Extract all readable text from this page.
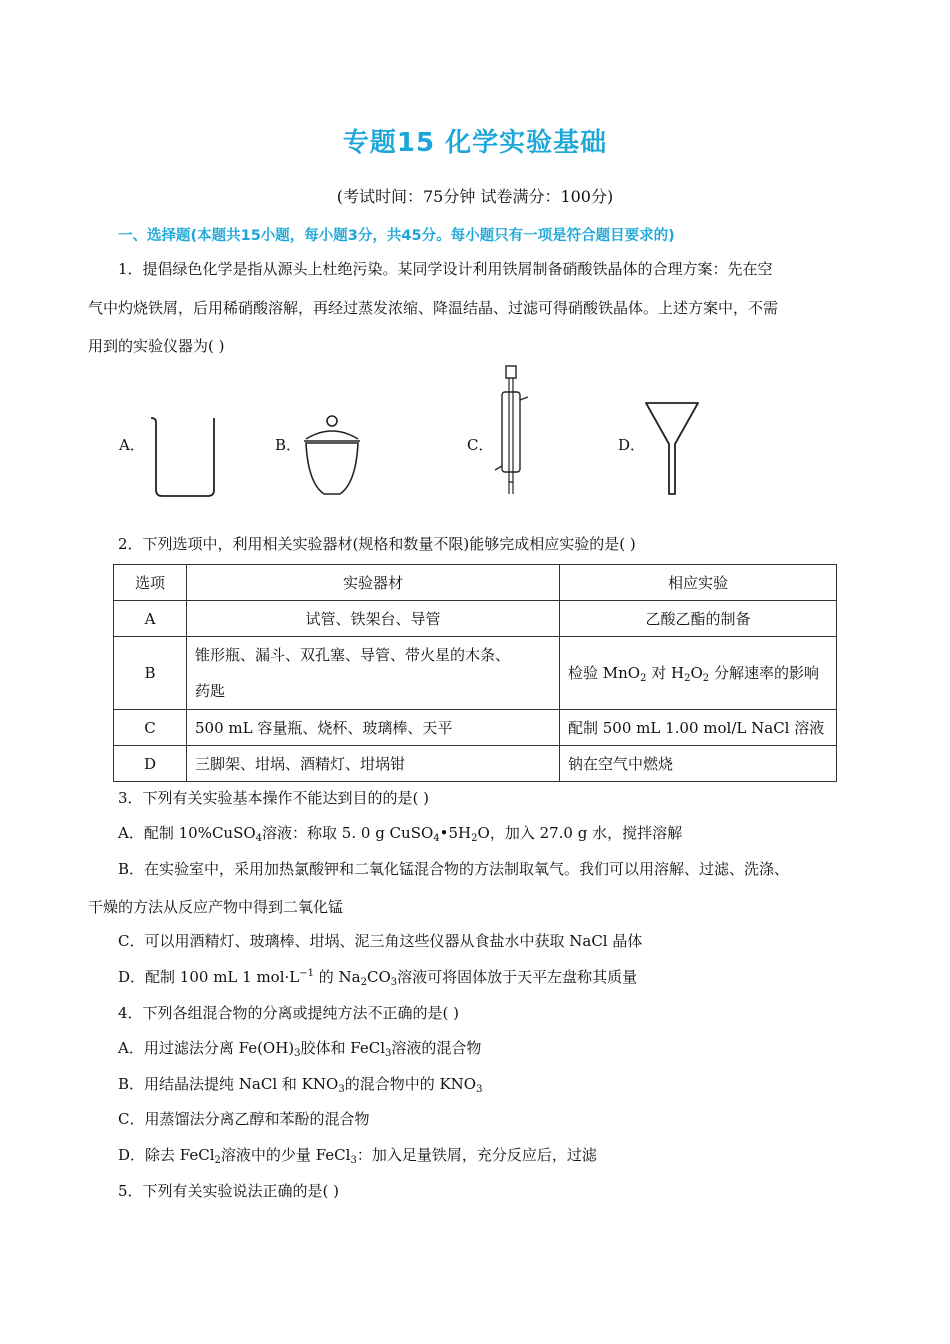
专题15 化学实验基础
(考试时间：75分钟 试卷满分：100分)
一、选择题(本题共15小题，每小题3分，共45分。每小题只有一项是符合题目要求的)
1．提倡绿色化学是指从源头上杜绝污染。某同学设计利用铁屑制备硝酸铁晶体的合理方案：先在空
气中灼烧铁屑，后用稀硝酸溶解，再经过蒸发浓缩、降温结晶、过滤可得硝酸铁晶体。上述方案中，不需
用到的实验仪器为( )
A．	B．	C．	D．
2．下列选项中，利用相关实验器材(规格和数量不限)能够完成相应实验的是( )
选项	实验器材	相应实验
A	试管、铁架台、导管	乙酸乙酯的制备
B	锥形瓶、漏斗、双孔塞、导管、带火星的木条、
药匙	检验 MnO$_2$ 对 $H_2O_2$ 分解速率的影响
C	500 mL 容量瓶、烧杯、玻璃棒、天平	配制 500 mL 1.00 mol/L NaCl 溶液
D	三脚架、坩埚、酒精灯、坩埚钳	钠在空气中燃烧
3．下列有关实验基本操作不能达到目的的是( )
A．配制 10%CuSO$_4$溶液：称取 5. 0 g $CuSO_4•5H_2O$，加入 27.0 g 水，搅拌溶解
B．在实验室中，采用加热氯酸钾和二氧化锰混合物的方法制取氧气。我们可以用溶解、过滤、洗涤、
干燥的方法从反应产物中得到二氧化锰
C．可以用酒精灯、玻璃棒、坩埚、泥三角这些仪器从食盐水中获取 NaCl 晶体
D．配制 100 mL 1 $mol\cdot L^{-1}$ 的 $Na_2CO_3$溶液可将固体放于天平左盘称其质量
4．下列各组混合物的分离或提纯方法不正确的是( )
A．用过滤法分离 $Fe(OH)_3$胶体和 FeCl$_3$溶液的混合物
B．用结晶法提纯 NaCl 和 $KNO_3$的混合物中的 $KNO_3$
C．用蒸馏法分离乙醇和苯酚的混合物
D．除去 FeCl$_2$溶液中的少量 FeCl$_3$：加入足量铁屑，充分反应后，过滤
5．下列有关实验说法正确的是( )
